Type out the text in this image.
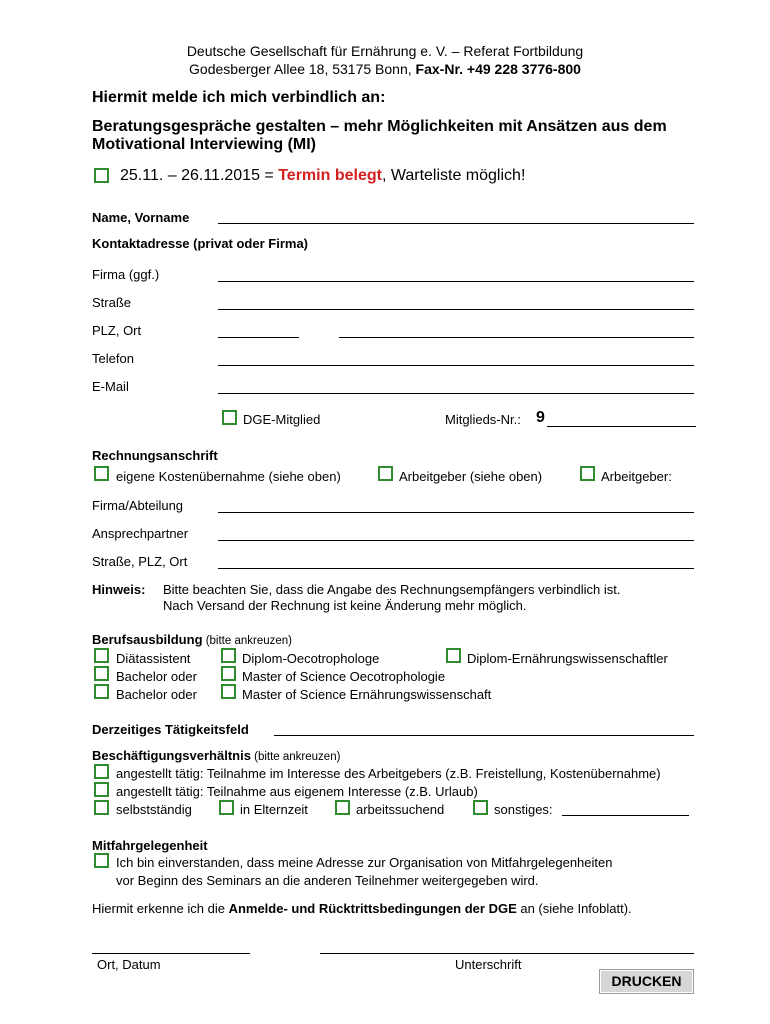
Deutsche Gesellschaft für Ernährung e. V. – Referat Fortbildung
Godesberger Allee 18, 53175 Bonn, Fax-Nr. +49 228 3776-800
Hiermit melde ich mich verbindlich an:
Beratungsgespräche gestalten – mehr Möglichkeiten mit Ansätzen aus dem
Motivational Interviewing (MI)
25.11. – 26.11.2015 = Termin belegt, Warteliste möglich!
Name, Vorname
Kontaktadresse (privat oder Firma)
Firma (ggf.)
Straße
PLZ, Ort
Telefon
E-Mail
DGE-Mitglied	Mitglieds-Nr.: 9
Rechnungsanschrift
eigene Kostenübernahme (siehe oben)	Arbeitgeber (siehe oben)	Arbeitgeber:
Firma/Abteilung
Ansprechpartner
Straße, PLZ, Ort
Hinweis: Bitte beachten Sie, dass die Angabe des Rechnungsempfängers verbindlich ist.
Nach Versand der Rechnung ist keine Änderung mehr möglich.
Berufsausbildung (bitte ankreuzen)
Diätassistent	Diplom-Oecotrophologe	Diplom-Ernährungswissenschaftler
Bachelor oder	Master of Science Oecotrophologie
Bachelor oder	Master of Science Ernährungswissenschaft
Derzeitiges Tätigkeitsfeld
Beschäftigungsverhältnis (bitte ankreuzen)
angestellt tätig: Teilnahme im Interesse des Arbeitgebers (z.B. Freistellung, Kostenübernahme)
angestellt tätig: Teilnahme aus eigenem Interesse (z.B. Urlaub)
selbstständig	in Elternzeit	arbeitssuchend	sonstiges:
Mitfahrgelegenheit
Ich bin einverstanden, dass meine Adresse zur Organisation von Mitfahrgelegenheiten
vor Beginn des Seminars an die anderen Teilnehmer weitergegeben wird.
Hiermit erkenne ich die Anmelde- und Rücktrittsbedingungen der DGE an (siehe Infoblatt).
Ort, Datum	Unterschrift
DRUCKEN
